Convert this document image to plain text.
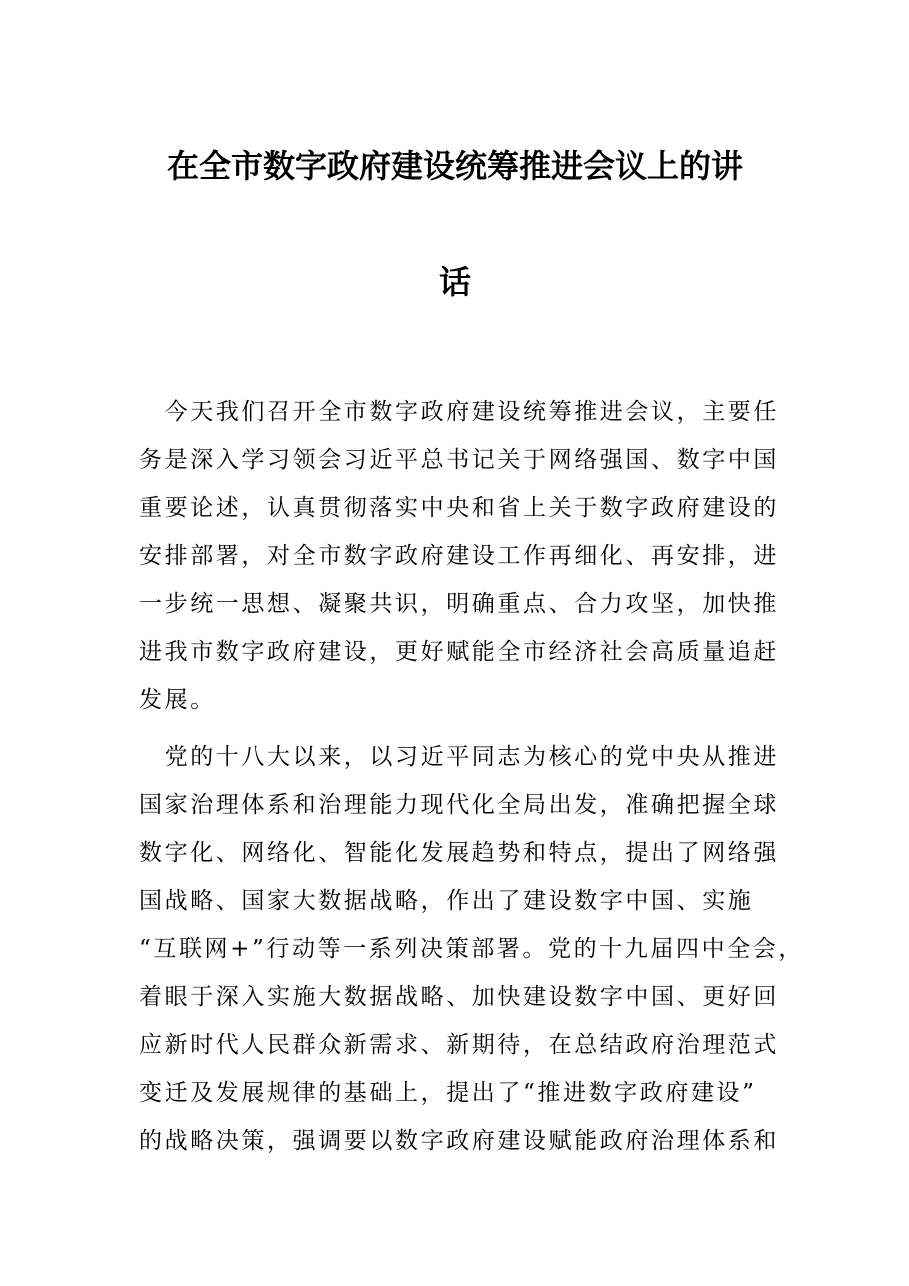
在全市数字政府建设统筹推进会议上的讲
话
　今天我们召开全市数字政府建设统筹推进会议，主要任
务是深入学习领会习近平总书记关于网络强国、数字中国
重要论述，认真贯彻落实中央和省上关于数字政府建设的
安排部署，对全市数字政府建设工作再细化、再安排，进
一步统一思想、凝聚共识，明确重点、合力攻坚，加快推
进我市数字政府建设，更好赋能全市经济社会高质量追赶
发展。
　党的十八大以来，以习近平同志为核心的党中央从推进
国家治理体系和治理能力现代化全局出发，准确把握全球
数字化、网络化、智能化发展趋势和特点，提出了网络强
国战略、国家大数据战略，作出了建设数字中国、实施
“互联网+”行动等一系列决策部署。党的十九届四中全会，
着眼于深入实施大数据战略、加快建设数字中国、更好回
应新时代人民群众新需求、新期待，在总结政府治理范式
变迁及发展规律的基础上，提出了“推进数字政府建设”
的战略决策，强调要以数字政府建设赋能政府治理体系和
